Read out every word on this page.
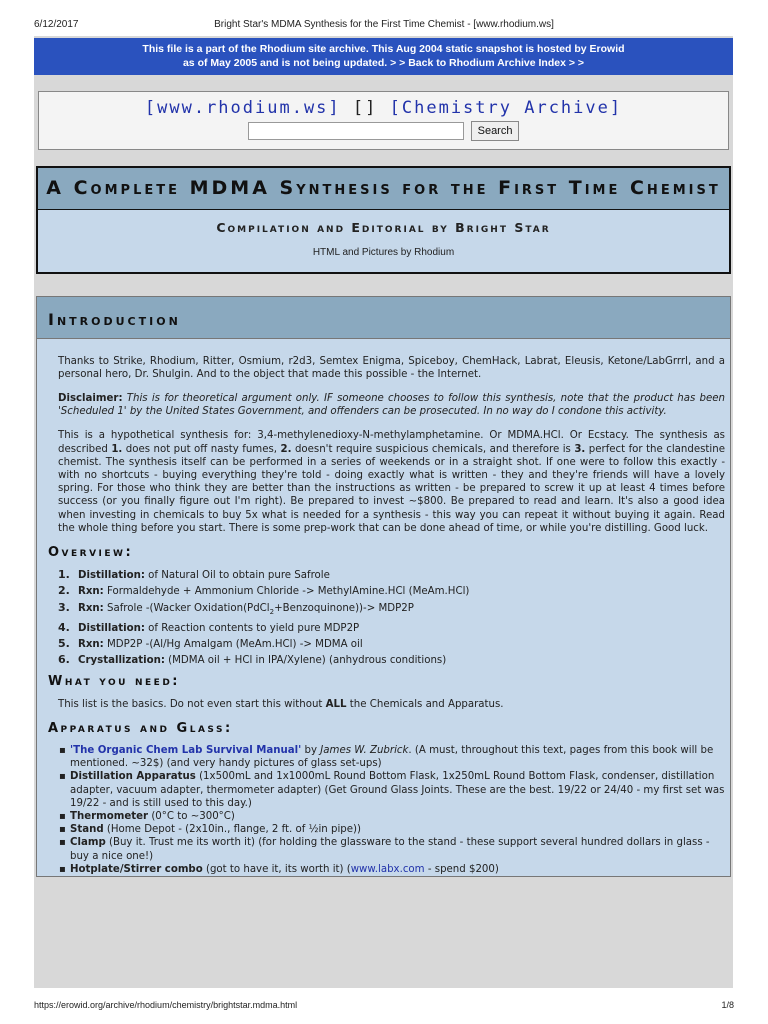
6/12/2017	Bright Star's MDMA Synthesis for the First Time Chemist - [www.rhodium.ws]
This file is a part of the Rhodium site archive. This Aug 2004 static snapshot is hosted by Erowid
as of May 2005 and is not being updated. > > Back to Rhodium Archive Index > >
[www.rhodium.ws] [] [Chemistry Archive]
Search
A Complete MDMA Synthesis for the First Time Chemist
Compilation and Editorial by Bright Star
HTML and Pictures by Rhodium
Introduction

Thanks to Strike, Rhodium, Ritter, Osmium, r2d3, Semtex Enigma, Spiceboy, ChemHack, Labrat, Eleusis, Ketone/LabGrrrl, and a personal hero, Dr. Shulgin. And to the object that made this possible - the Internet.

Disclaimer: This is for theoretical argument only. IF someone chooses to follow this synthesis, note that the product has been 'Scheduled 1' by the United States Government, and offenders can be prosecuted. In no way do I condone this activity.

This is a hypothetical synthesis for: 3,4-methylenedioxy-N-methylamphetamine. Or MDMA.HCl. Or Ecstacy. The synthesis as described 1. does not put off nasty fumes, 2. doesn't require suspicious chemicals, and therefore is 3. perfect for the clandestine chemist. The synthesis itself can be performed in a series of weekends or in a straight shot. If one were to follow this exactly - with no shortcuts - buying everything they're told - doing exactly what is written - they and they're friends will have a lovely spring. For those who think they are better than the instructions as written - be prepared to screw it up at least 4 times before success (or you finally figure out I'm right). Be prepared to invest ~$800. Be prepared to read and learn. It's also a good idea when investing in chemicals to buy 5x what is needed for a synthesis - this way you can repeat it without buying it again. Read the whole thing before you start. There is some prep-work that can be done ahead of time, or while you're distilling. Good luck.

Overview:
1. Distillation: of Natural Oil to obtain pure Safrole
2. Rxn: Formaldehyde + Ammonium Chloride -> MethylAmine.HCl (MeAm.HCl)
3. Rxn: Safrole -(Wacker Oxidation(PdCl$_2$+Benzoquinone))-> MDP2P
4. Distillation: of Reaction contents to yield pure MDP2P
5. Rxn: MDP2P -(Al/Hg Amalgam (MeAm.HCl) -> MDMA oil
6. Crystallization: (MDMA oil + HCl in IPA/Xylene) (anhydrous conditions)
What you need:

This list is the basics. Do not even start this without ALL the Chemicals and Apparatus.

Apparatus and Glass:
▪ 'The Organic Chem Lab Survival Manual' by James W. Zubrick. (A must, throughout this text, pages from this book will be mentioned. ~32$) (and very handy pictures of glass set-ups)
▪ Distillation Apparatus (1x500mL and 1x1000mL Round Bottom Flask, 1x250mL Round Bottom Flask, condenser, distillation adapter, vacuum adapter, thermometer adapter) (Get Ground Glass Joints. These are the best. 19/22 or 24/40 - my first set was 19/22 - and is still used to this day.)
▪ Thermometer (0°C to ~300°C)
▪ Stand (Home Depot - (2x10in., flange, 2 ft. of ½in pipe))
▪ Clamp (Buy it. Trust me its worth it) (for holding the glassware to the stand - these support several hundred dollars in glass - buy a nice one!)
▪ Hotplate/Stirrer combo (got to have it, its worth it) (www.labx.com - spend $200)
https://erowid.org/archive/rhodium/chemistry/brightstar.mdma.html	1/8
